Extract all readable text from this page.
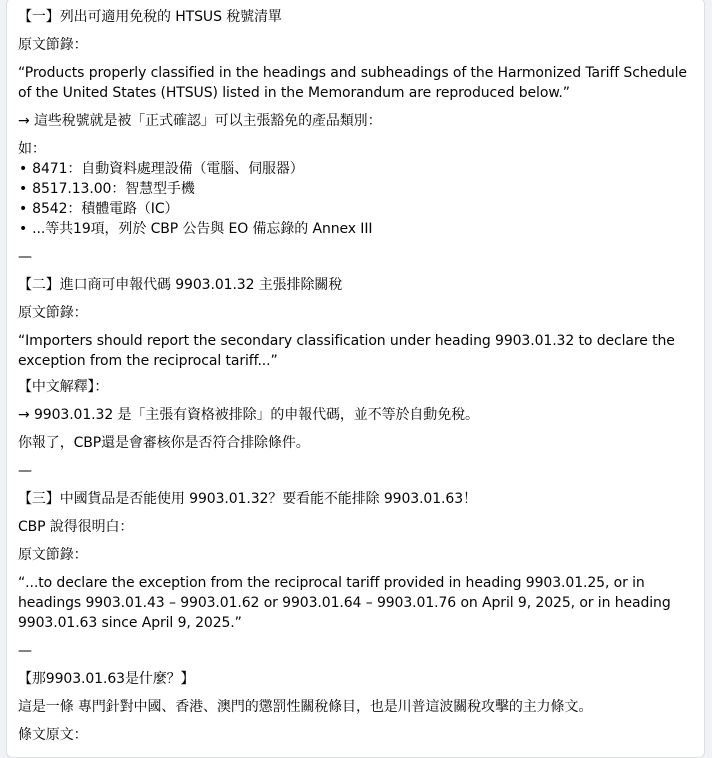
【一】列出可適用免稅的 HTSUS 稅號清單

原文節錄：

“Products properly classified in the headings and subheadings of the Harmonized Tariff Schedule of the United States (HTSUS) listed in the Memorandum are reproduced below.”

→ 這些稅號就是被「正式確認」可以主張豁免的產品類別：

如：

• 8471：自動資料處理設備（電腦、伺服器）

• 8517.13.00：智慧型手機

• 8542：積體電路（IC）

• ...等共19項，列於 CBP 公告與 EO 備忘錄的 Annex III

—

【二】進口商可申報代碼 9903.01.32 主張排除關稅

原文節錄：

“Importers should report the secondary classification under heading 9903.01.32 to declare the exception from the reciprocal tariff...”

【中文解釋】：

→ 9903.01.32 是「主張有資格被排除」的申報代碼，並不等於自動免稅。

你報了，CBP還是會審核你是否符合排除條件。

—

【三】中國貨品是否能使用 9903.01.32？要看能不能排除 9903.01.63！

CBP 說得很明白：

原文節錄：

“...to declare the exception from the reciprocal tariff provided in heading 9903.01.25, or in headings 9903.01.43 – 9903.01.62 or 9903.01.64 – 9903.01.76 on April 9, 2025, or in heading 9903.01.63 since April 9, 2025.”

—

【那9903.01.63是什麼？】

這是一條 專門針對中國、香港、澳門的懲罰性關稅條目，也是川普這波關稅攻擊的主力條文。

條文原文：
